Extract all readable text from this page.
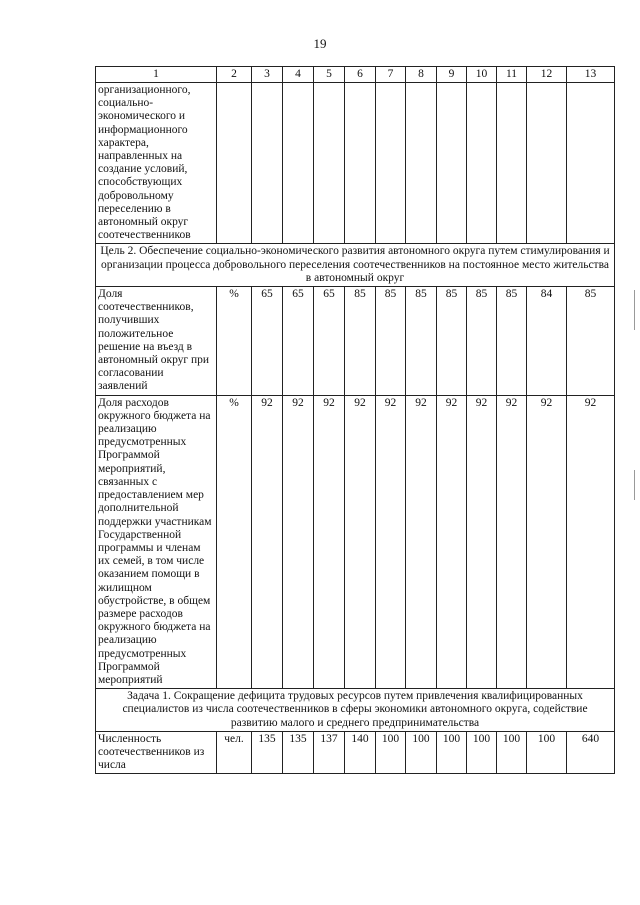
19
1	2	3	4	5	6	7	8	9	10	11	12	13
организационного, социально-экономического и информационного характера, направленных на создание условий, способствующих добровольному переселению в автономный округ соотечественников												
Цель 2. Обеспечение социально-экономического развития автономного округа путем стимулирования и организации процесса добровольного переселения соотечественников на постоянное место жительства в автономный округ												
Доля соотечественников, получивших положительное решение на въезд в автономный округ при согласовании заявлений	%	65	65	65	85	85	85	85	85	85	84	85
Доля расходов окружного бюджета на реализацию предусмотренных Программой мероприятий, связанных с предоставлением мер дополнительной поддержки участникам Государственной программы и членам их семей, в том числе оказанием помощи в жилищном обустройстве, в общем размере расходов окружного бюджета на реализацию предусмотренных Программой мероприятий	%	92	92	92	92	92	92	92	92	92	92	92
Задача 1. Сокращение дефицита трудовых ресурсов путем привлечения квалифицированных специалистов из числа соотечественников в сферы экономики автономного округа, содействие развитию малого и среднего предпринимательства												
Численность соотечественников из числа	чел.	135	135	137	140	100	100	100	100	100	100	640
